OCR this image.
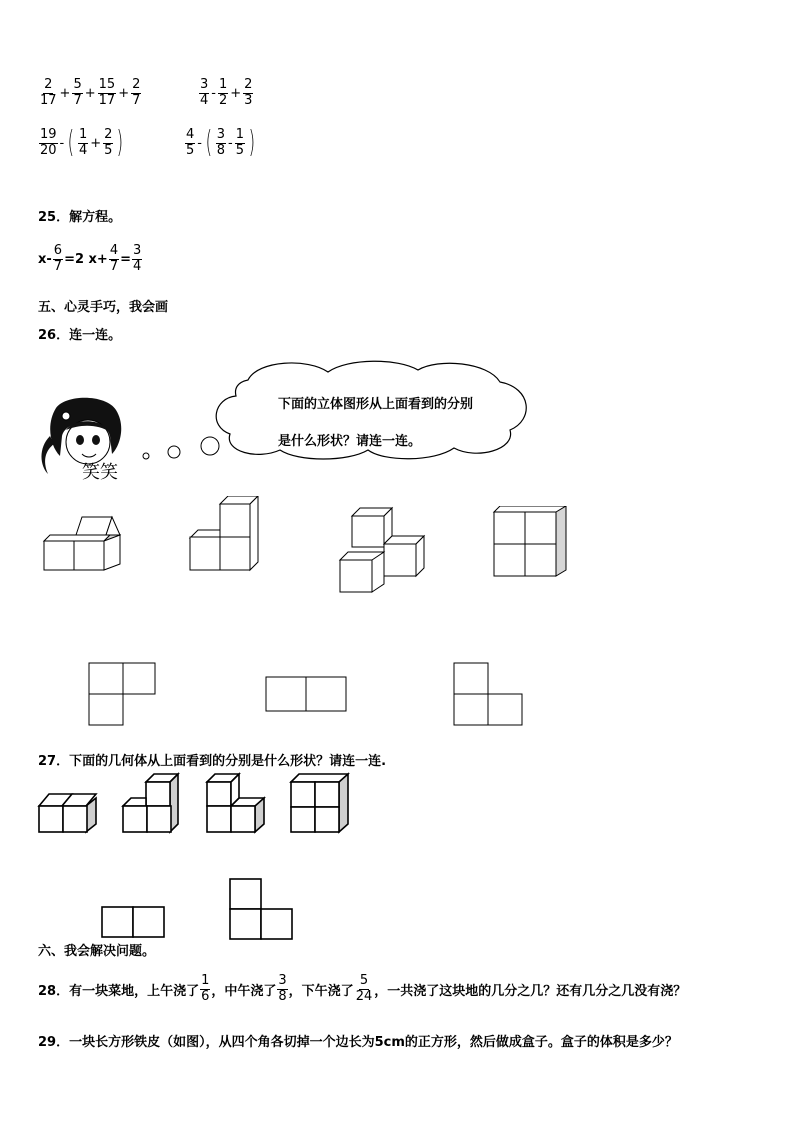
$\frac{2}{17} + \frac{5}{7} + \frac{15}{17} + \frac{2}{7}$	$\frac{3}{4} - \frac{1}{2} + \frac{2}{3}$
$\frac{19}{20}$ - ( $\frac{1}{4} + \frac{2}{5}$ )	$\frac{4}{5}$ - ( $\frac{3}{8} - \frac{1}{5}$ )
25．解方程。
$x- \frac{6}{7} =2$ $x+ \frac{4}{7} = \frac{3}{4}$
五、心灵手巧，我会画
26．连一连。
笑笑
下面的立体图形从上面看到的分别
是什么形状？请连一连。
27．下面的几何体从上面看到的分别是什么形状？请连一连.
六、我会解决问题。
28．有一块菜地，上午浇了 $\frac{1}{6}$ ，中午浇了 $\frac{3}{8}$ ，下午浇了 $\frac{5}{24}$ ，一共浇了这块地的几分之几？还有几分之几没有浇？
29．一块长方形铁皮（如图），从四个角各切掉一个边长为5cm的正方形，然后做成盒子。盒子的体积是多少？
